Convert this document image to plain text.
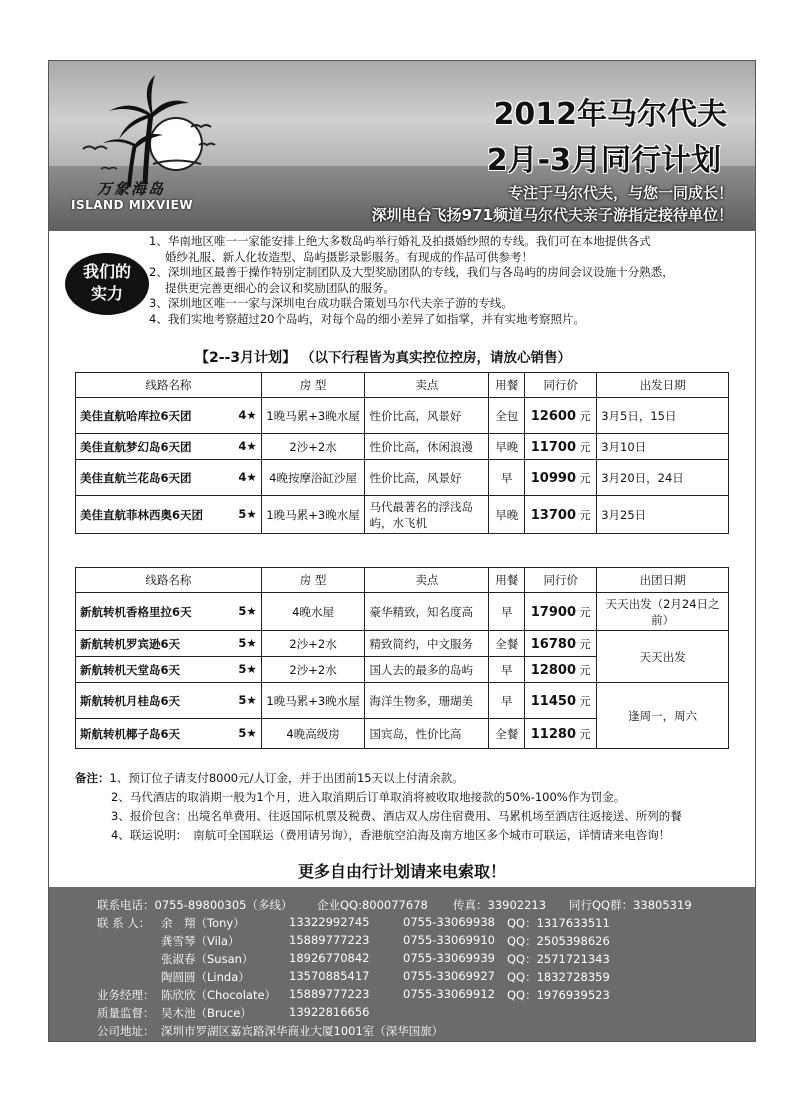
万象海岛
ISLAND MIXVIEW
2012年马尔代夫
2月-3月同行计划
专注于马尔代夫，与您一同成长！
深圳电台飞扬971频道马尔代夫亲子游指定接待单位！
我们的
实力
1、华南地区唯一一家能安排上绝大多数岛屿举行婚礼及拍摄婚纱照的专线。我们可在本地提供各式
婚纱礼服、新人化妆造型、岛屿摄影录影服务。有现成的作品可供参考！
2、深圳地区最善于操作特别定制团队及大型奖励团队的专线，我们与各岛屿的房间会议设施十分熟悉，
提供更完善更细心的会议和奖励团队的服务。
3、深圳地区唯一一家与深圳电台成功联合策划马尔代夫亲子游的专线。
4、我们实地考察超过20个岛屿，对每个岛的细小差异了如指掌，并有实地考察照片。
【2--3月计划】 （以下行程皆为真实控位控房，请放心销售）
线路名称	房 型	卖点	用餐	同行价	出发日期
美佳直航哈库拉6天团 4★	1晚马累+3晚水屋	性价比高，风景好	全包	12600 元	3月5日，15日
美佳直航梦幻岛6天团 4★	2沙+2水	性价比高，休闲浪漫	早晚	11700 元	3月10日
美佳直航兰花岛6天团 4★	4晚按摩浴缸沙屋	性价比高，风景好	早	10990 元	3月20日，24日
美佳直航菲林西奥6天团 5★	1晚马累+3晚水屋	马代最著名的浮浅岛屿，水飞机	早晚	13700 元	3月25日
线路名称	房 型	卖点	用餐	同行价	出团日期
新航转机香格里拉6天 5★	4晚水屋	豪华精致，知名度高	早	17900 元	天天出发（2月24日之前）
新航转机罗宾逊6天 5★	2沙+2水	精致简约，中文服务	全餐	16780 元	天天出发
新航转机天堂岛6天 5★	2沙+2水	国人去的最多的岛屿	早	12800 元	
斯航转机月桂岛6天 5★	1晚马累+3晚水屋	海洋生物多，珊瑚美	早	11450 元	逢周一，周六
斯航转机椰子岛6天 5★	4晚高级房	国宾岛，性价比高	全餐	11280 元	
备注：1、预订位子请支付8000元/人订金，并于出团前15天以上付清余款。
2、马代酒店的取消期一般为1个月，进入取消期后订单取消将被收取地接款的50%-100%作为罚金。
3、报价包含：出境名单费用、往返国际机票及税费、酒店双人房住宿费用、马累机场至酒店往返接送、所列的餐
4、联运说明：　南航可全国联运（费用请另询），香港航空泊海及南方地区多个城市可联运，详情请来电咨询！
更多自由行计划请来电索取！
联系电话：0755-89800305（多线） 企业QQ:800077678 传真：33902213 同行QQ群：33805319
联 系 人： 余　翔（Tony）	13322992745	0755-33069938 QQ：1317633511
龚雪琴（Vila）	15889777223	0755-33069910 QQ：2505398626
张淑春（Susan）	18926770842	0755-33069939 QQ：2571721343
陶圆圆（Linda）	13570885417	0755-33069927 QQ：1832728359
业务经理： 陈欣欣（Chocolate） 15889777223	0755-33069912 QQ：1976939523
质量监督： 吴木池（Bruce）	13922816656
公司地址： 深圳市罗湖区嘉宾路深华商业大厦1001室（深华国旅）
